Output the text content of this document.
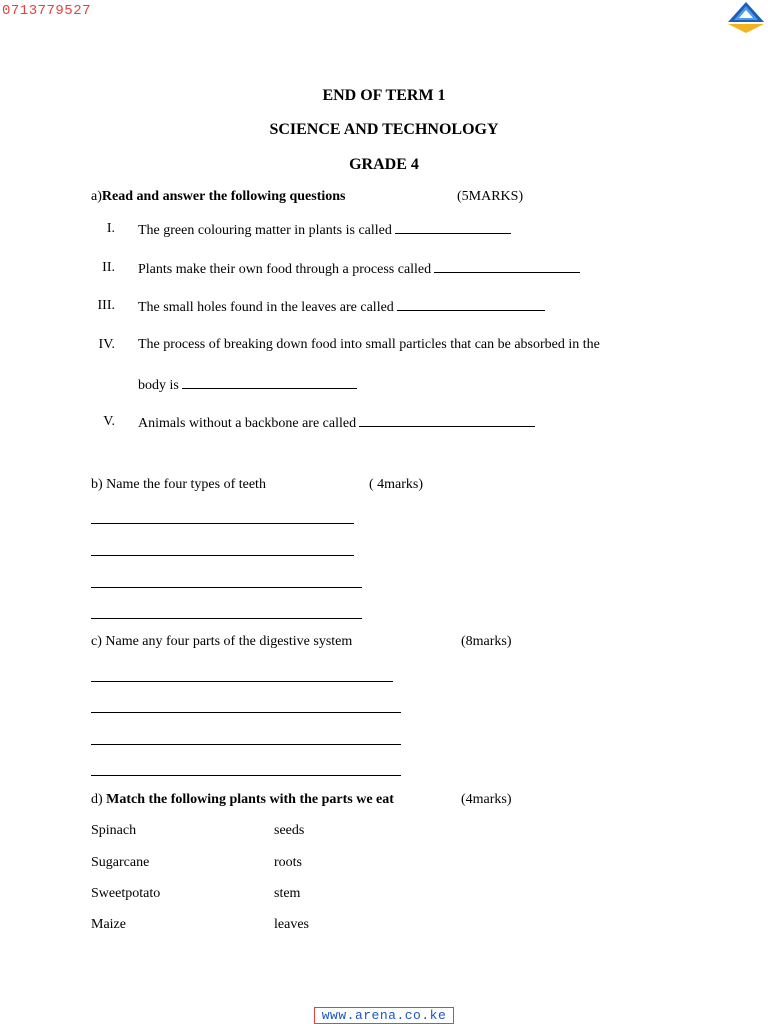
0713779527
END OF TERM 1
SCIENCE AND TECHNOLOGY
GRADE 4
a)Read and answer the following questions	(5MARKS)
I. The green colouring matter in plants is called
II. Plants make their own food through a process called
III. The small holes found in the leaves are called
IV. The process of breaking down food into small particles that can be absorbed in the
body is
V. Animals without a backbone are called
b) Name the four types of teeth	( 4marks)
c) Name any four parts of the digestive system	(8marks)
d) Match the following plants with the parts we eat	(4marks)
Spinach	seeds
Sugarcane	roots
Sweetpotato	stem
Maize	leaves
www.arena.co.ke
